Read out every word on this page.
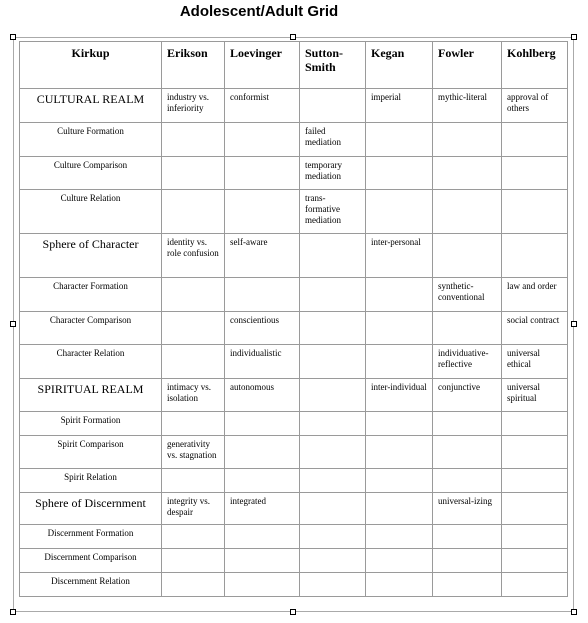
Adolescent/Adult Grid
Kirkup	Erikson	Loevinger	Sutton-Smith	Kegan	Fowler	Kohlberg
CULTURAL REALM	industry vs. inferiority	conformist		imperial	mythic-literal	approval of others
Culture Formation			failed mediation			
Culture Comparison			temporary mediation			
Culture Relation			trans-formative mediation			
Sphere of Character	identity vs. role confusion	self-aware		inter-personal		
Character Formation					synthetic-conventional	law and order
Character Comparison		conscientious				social contract
Character Relation		individualistic			individuative-reflective	universal ethical
SPIRITUAL REALM	intimacy vs. isolation	autonomous		inter-individual	conjunctive	universal spiritual
Spirit Formation						
Spirit Comparison	generativity vs. stagnation					
Spirit Relation						
Sphere of Discernment	integrity vs. despair	integrated			universal-izing	
Discernment Formation						
Discernment Comparison						
Discernment Relation						
